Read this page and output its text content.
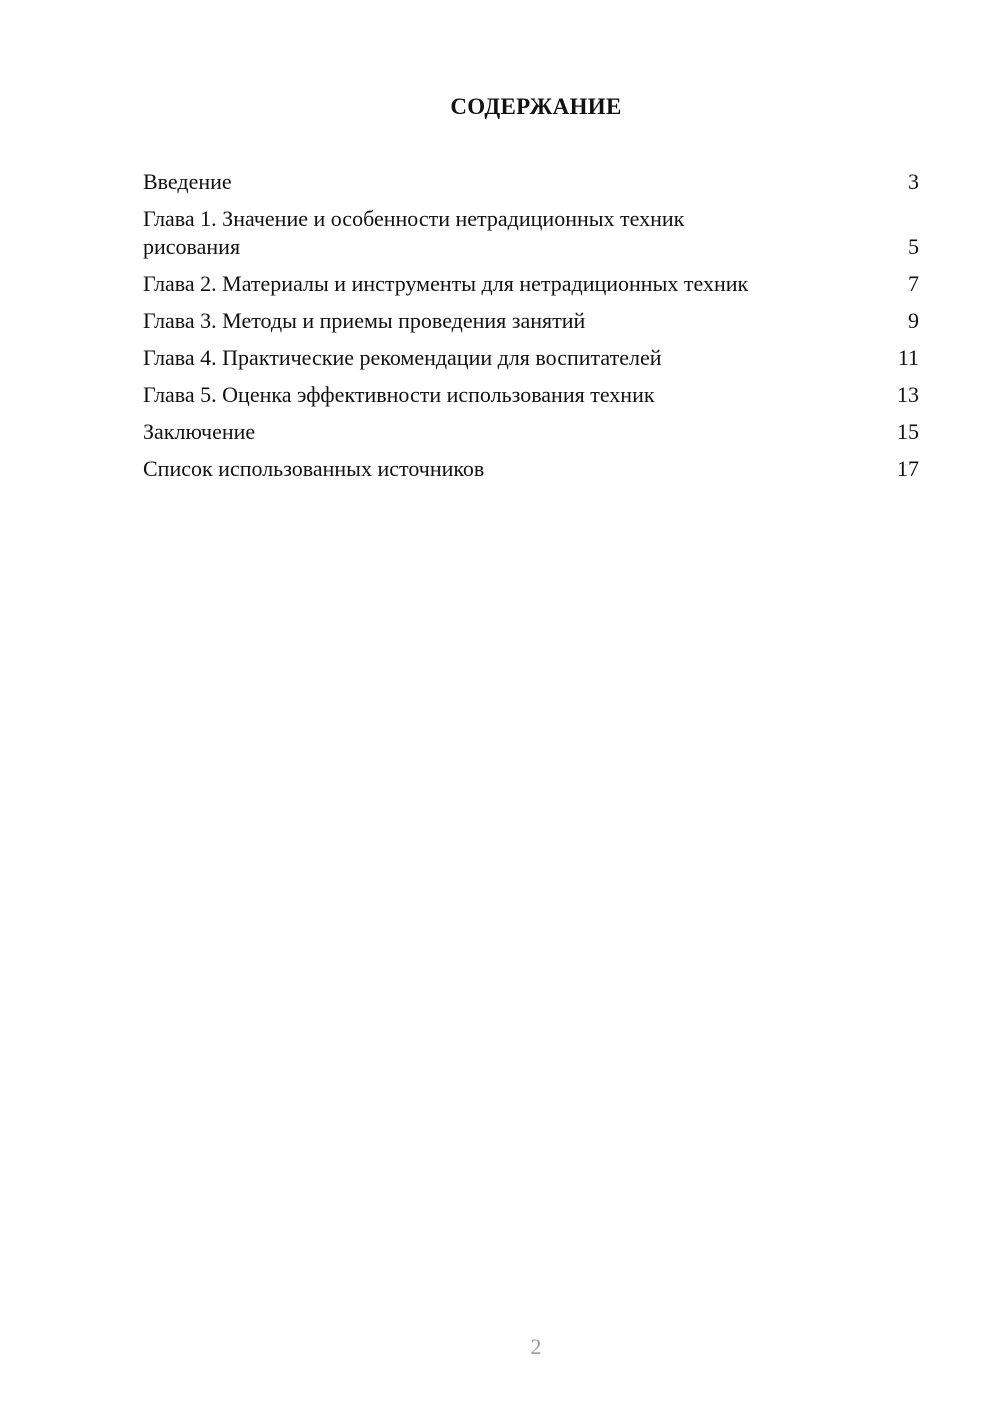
СОДЕРЖАНИЕ
Введение	3
Глава 1. Значение и особенности нетрадиционных техник рисования	5
Глава 2. Материалы и инструменты для нетрадиционных техник	7
Глава 3. Методы и приемы проведения занятий	9
Глава 4. Практические рекомендации для воспитателей	11
Глава 5. Оценка эффективности использования техник	13
Заключение	15
Список использованных источников	17
2
